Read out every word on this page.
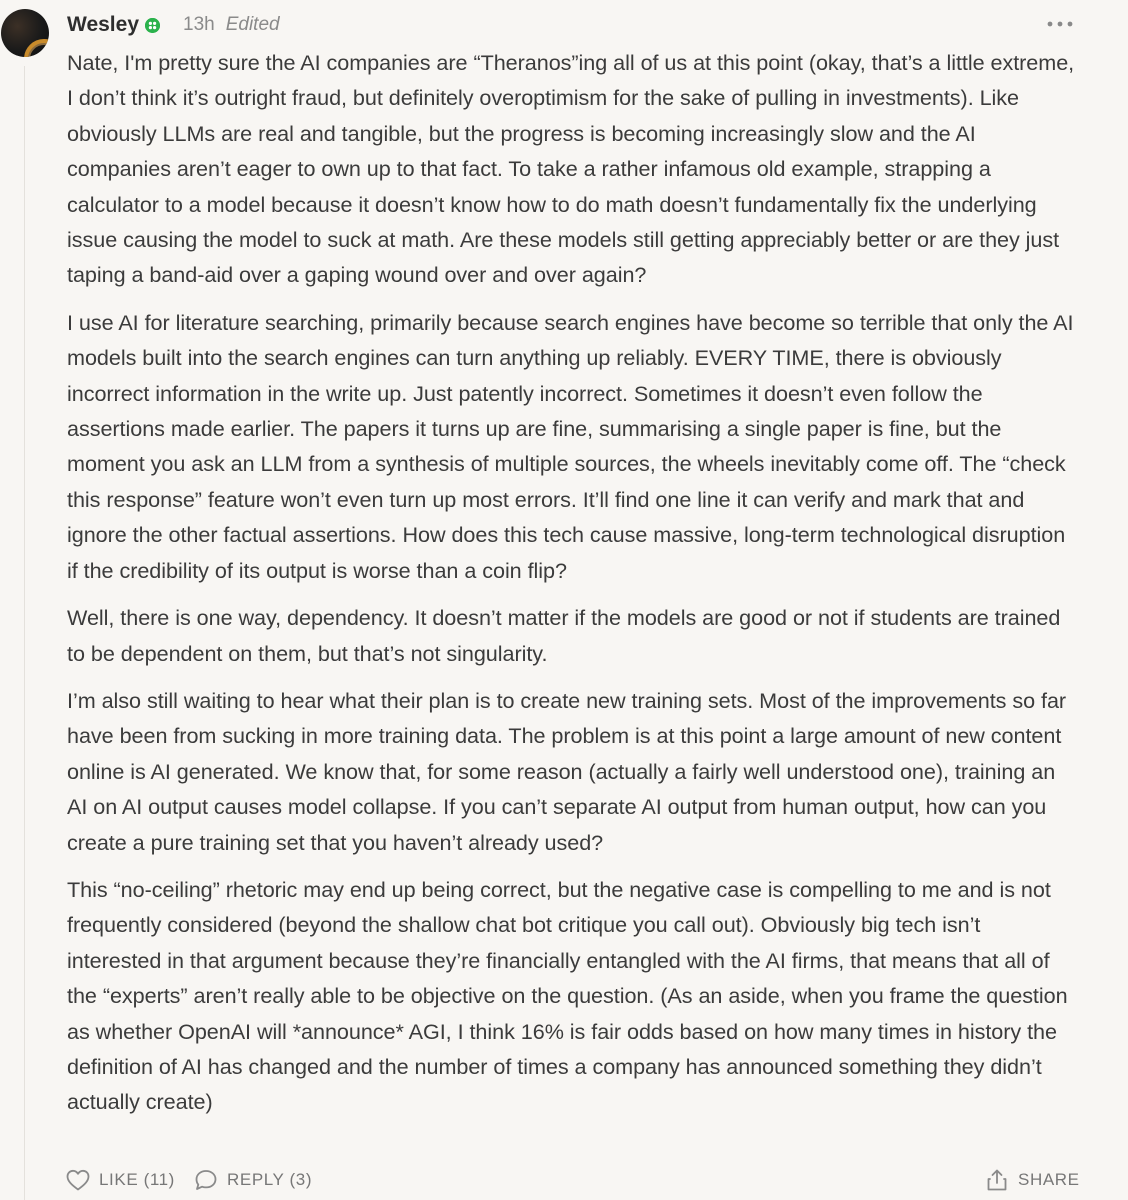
Wesley 13h Edited

Nate, I'm pretty sure the AI companies are “Theranos”ing all of us at this point (okay, that’s a little extreme, I don’t think it’s outright fraud, but definitely overoptimism for the sake of pulling in investments). Like obviously LLMs are real and tangible, but the progress is becoming increasingly slow and the AI companies aren’t eager to own up to that fact. To take a rather infamous old example, strapping a calculator to a model because it doesn’t know how to do math doesn’t fundamentally fix the underlying issue causing the model to suck at math. Are these models still getting appreciably better or are they just taping a band-aid over a gaping wound over and over again?

I use AI for literature searching, primarily because search engines have become so terrible that only the AI models built into the search engines can turn anything up reliably. EVERY TIME, there is obviously incorrect information in the write up. Just patently incorrect. Sometimes it doesn’t even follow the assertions made earlier. The papers it turns up are fine, summarising a single paper is fine, but the moment you ask an LLM from a synthesis of multiple sources, the wheels inevitably come off. The “check this response” feature won’t even turn up most errors. It’ll find one line it can verify and mark that and ignore the other factual assertions. How does this tech cause massive, long-term technological disruption if the credibility of its output is worse than a coin flip?

Well, there is one way, dependency. It doesn’t matter if the models are good or not if students are trained to be dependent on them, but that’s not singularity.

I’m also still waiting to hear what their plan is to create new training sets. Most of the improvements so far have been from sucking in more training data. The problem is at this point a large amount of new content online is AI generated. We know that, for some reason (actually a fairly well understood one), training an AI on AI output causes model collapse. If you can’t separate AI output from human output, how can you create a pure training set that you haven’t already used?

This “no-ceiling” rhetoric may end up being correct, but the negative case is compelling to me and is not frequently considered (beyond the shallow chat bot critique you call out). Obviously big tech isn’t interested in that argument because they’re financially entangled with the AI firms, that means that all of the “experts” aren’t really able to be objective on the question. (As an aside, when you frame the question as whether OpenAI will *announce* AGI, I think 16% is fair odds based on how many times in history the definition of AI has changed and the number of times a company has announced something they didn’t actually create)

LIKE (11)	REPLY (3)	SHARE
